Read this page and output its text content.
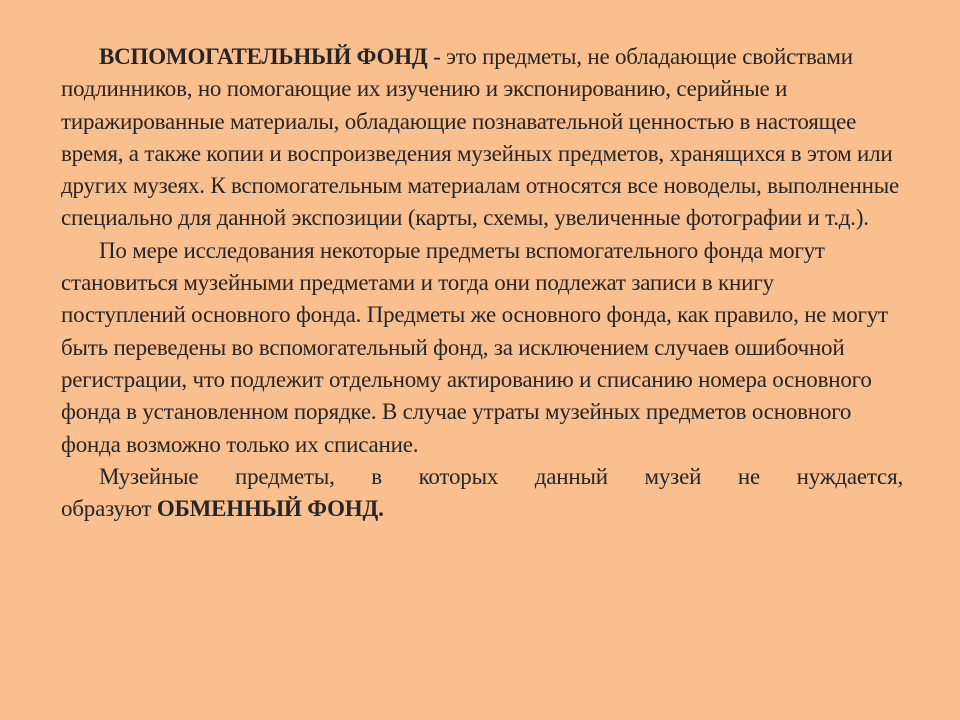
ВСПОМОГАТЕЛЬНЫЙ ФОНД - это предметы, не обладающие свойствами подлинников, но помогающие их изучению и экспонированию, серийные и тиражированные материалы, обладающие познавательной ценностью в настоящее время, а также копии и воспроизведения музейных предметов, хранящихся в этом или других музеях. К вспомогательным материалам относятся все новоделы, выполненные специально для данной экспозиции (карты, схемы, увеличенные фотографии и т.д.).

По мере исследования некоторые предметы вспомогательного фонда могут становиться музейными предметами и тогда они подлежат записи в книгу поступлений основного фонда. Предметы же основного фонда, как правило, не могут быть переведены во вспомогательный фонд, за исключением случаев ошибочной регистрации, что подлежит отдельному актированию и списанию номера основного фонда в установленном порядке. В случае утраты музейных предметов основного фонда возможно только их списание.

Музейные предметы, в которых данный музей не нуждается,

образуют ОБМЕННЫЙ ФОНД.
